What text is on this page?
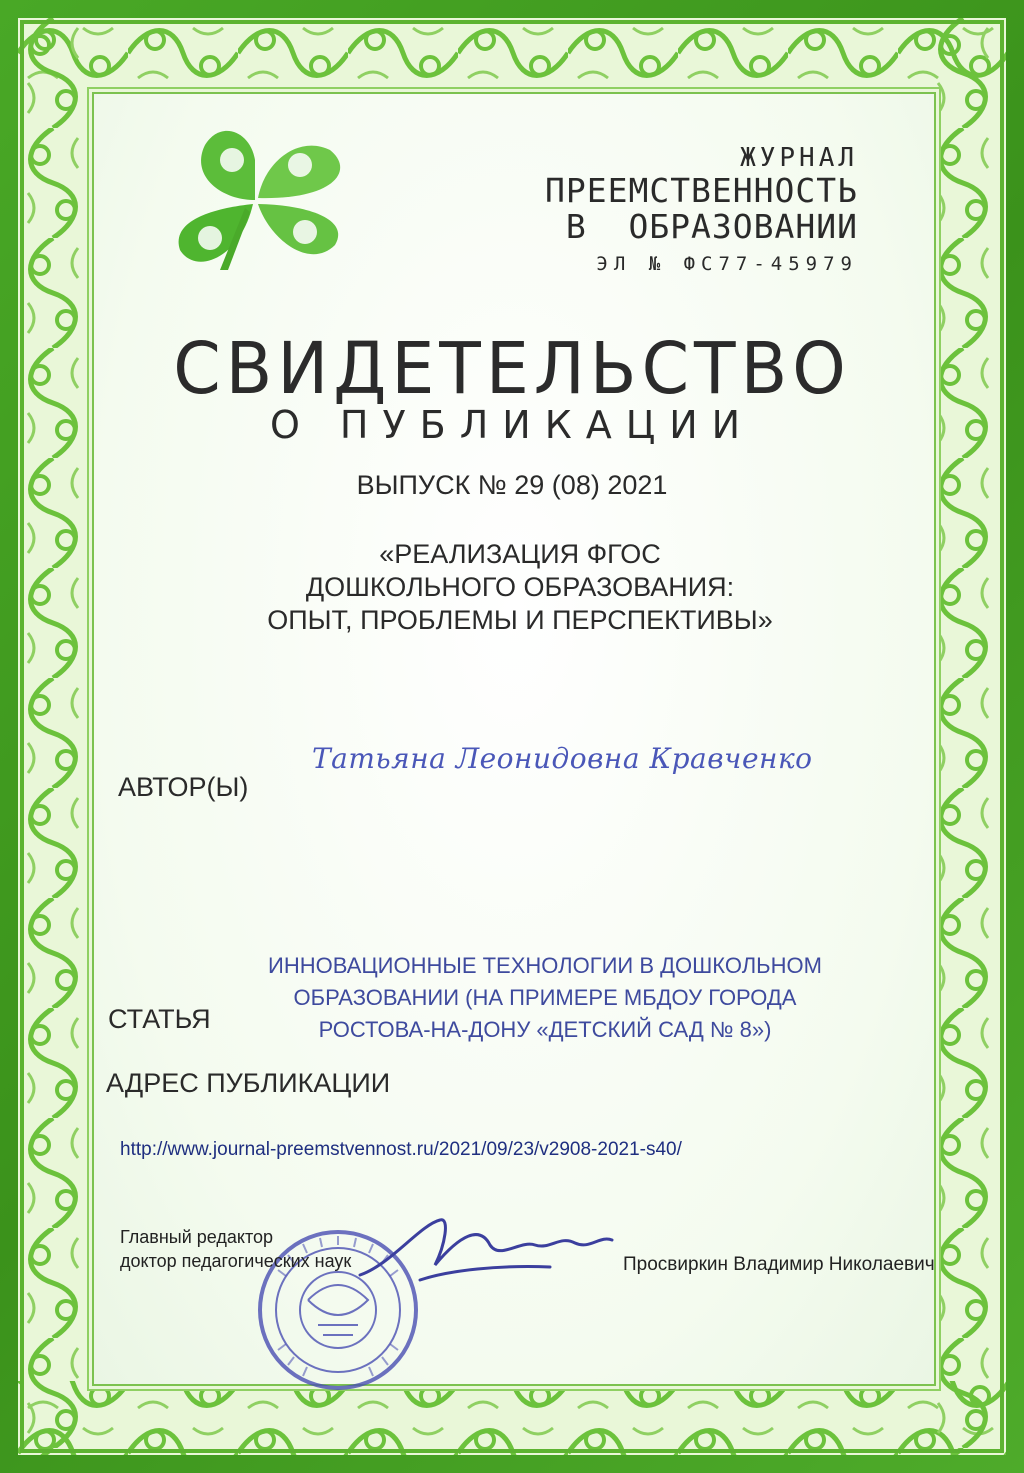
ЖУРНАЛ
ПРЕЕМСТВЕННОСТЬ
В  ОБРАЗОВАНИИ
ЭЛ № ФС77-45979
СВИДЕТЕЛЬСТВО
О ПУБЛИКАЦИИ
ВЫПУСК № 29 (08) 2021
«РЕАЛИЗАЦИЯ ФГОС
ДОШКОЛЬНОГО ОБРАЗОВАНИЯ:
ОПЫТ, ПРОБЛЕМЫ И ПЕРСПЕКТИВЫ»
АВТОР(Ы)
Татьяна Леонидовна Кравченко
ИННОВАЦИОННЫЕ ТЕХНОЛОГИИ В ДОШКОЛЬНОМ
ОБРАЗОВАНИИ (НА ПРИМЕРЕ МБДОУ ГОРОДА
РОСТОВА-НА-ДОНУ «ДЕТСКИЙ САД № 8»)
СТАТЬЯ
АДРЕС ПУБЛИКАЦИИ
http://www.journal-preemstvennost.ru/2021/09/23/v2908-2021-s40/
Главный редактор
доктор педагогических наук	Просвиркин Владимир Николаевич
